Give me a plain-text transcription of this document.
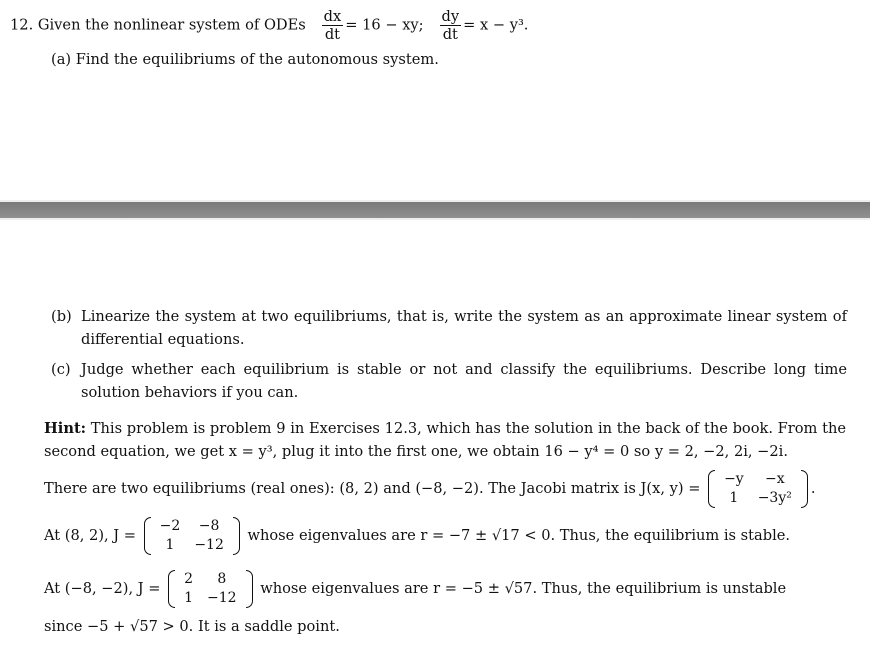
12. Given the nonlinear system of ODEs $\frac{dx}{dt} = 16$ − xy; $\frac{dy}{dt} = x - y^3$.
(a) Find the equilibriums of the autonomous system.
(b) Linearize the system at two equilibriums, that is, write the system as an approximate linear system of differential equations.
(c) Judge whether each equilibrium is stable or not and classify the equilibriums. Describe long time solution behaviors if you can.
Hint: This problem is problem 9 in Exercises 12.3, which has the solution in the back of the book. From the second equation, we get x = y³, plug it into the first one, we obtain 16 − y⁴ = 0 so y = 2, −2, 2i, −2i.
There are two equilibriums (real ones): (8, 2) and (−8, −2). The Jacobi matrix is J(x, y) =
−y	−x
1	−3y²
.
At (8, 2), J =
−2	−8
1	−12
whose eigenvalues are r = −7 ± √17 < 0. Thus, the equilibrium is stable.
At (−8, −2), J =
2	8
1	−12
whose eigenvalues are r = −5 ± √57. Thus, the equilibrium is unstable
since −5 + √57 > 0. It is a saddle point.
